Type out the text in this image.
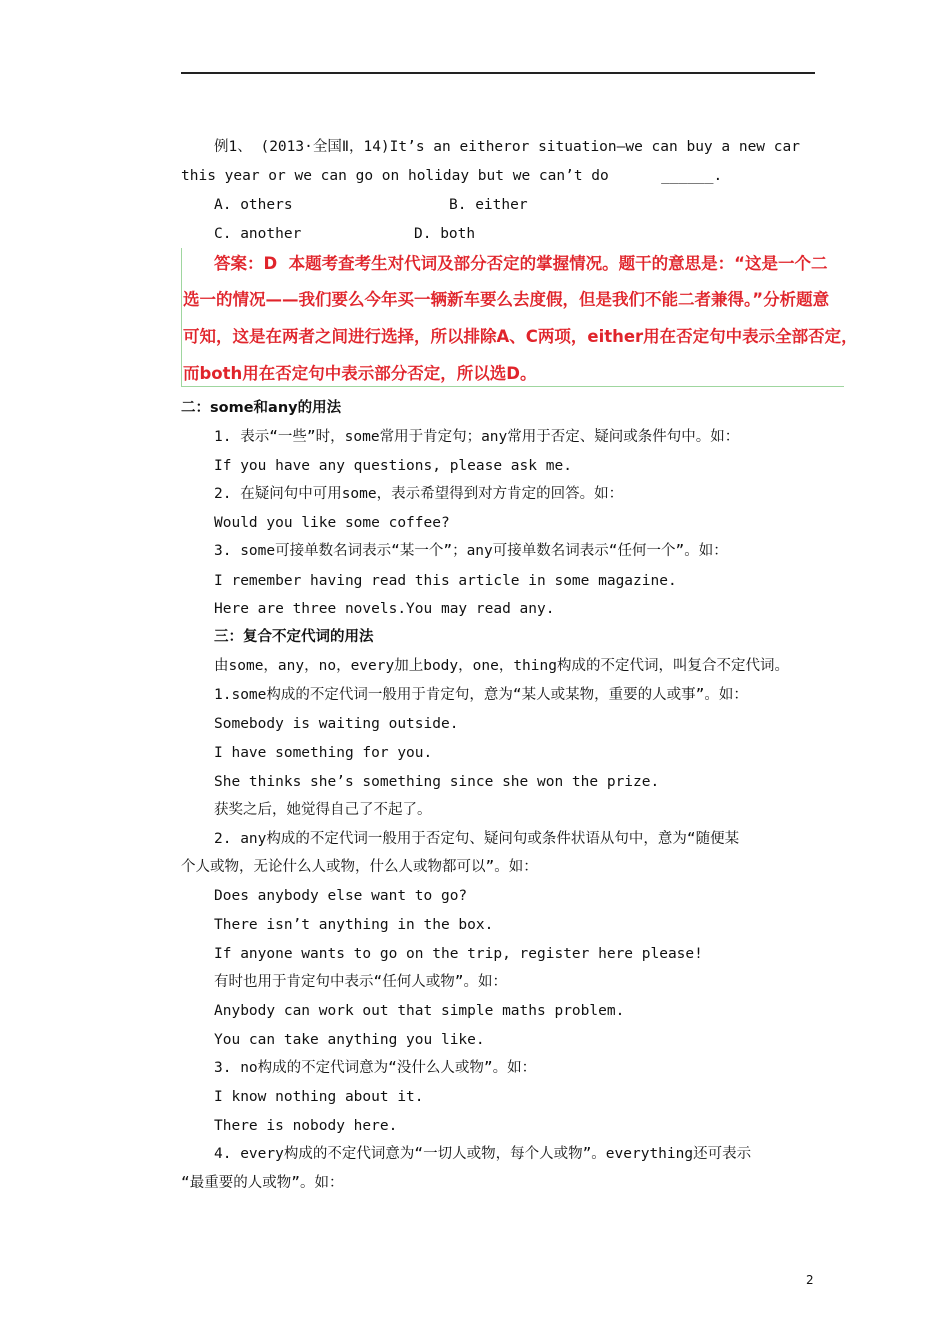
例1、 (2013·全国Ⅱ，14)It’s an eitheror situation—we can buy a new car
this year or we can go on holiday but we can’t do      ______.
A. others	B. either
C. another	D. both
答案：D  本题考查考生对代词及部分否定的掌握情况。题干的意思是：“这是一个二
选一的情况——我们要么今年买一辆新车要么去度假，但是我们不能二者兼得。”分析题意
可知，这是在两者之间进行选择，所以排除A、C两项，either用在否定句中表示全部否定，
而both用在否定句中表示部分否定，所以选D。
二：some和any的用法
1. 表示“一些”时，some常用于肯定句；any常用于否定、疑问或条件句中。如：
If you have any questions, please ask me.
2. 在疑问句中可用some，表示希望得到对方肯定的回答。如：
Would you like some coffee?
3. some可接单数名词表示“某一个”；any可接单数名词表示“任何一个”。如：
I remember having read this article in some magazine.
Here are three novels.You may read any.
三：复合不定代词的用法
由some，any，no，every加上body，one，thing构成的不定代词，叫复合不定代词。
1.some构成的不定代词一般用于肯定句，意为“某人或某物，重要的人或事”。如：
Somebody is waiting outside.
I have something for you.
She thinks she’s something since she won the prize.
获奖之后，她觉得自己了不起了。
2. any构成的不定代词一般用于否定句、疑问句或条件状语从句中，意为“随便某
个人或物，无论什么人或物，什么人或物都可以”。如：
Does anybody else want to go?
There isn’t anything in the box.
If anyone wants to go on the trip, register here please!
有时也用于肯定句中表示“任何人或物”。如：
Anybody can work out that simple maths problem.
You can take anything you like.
3. no构成的不定代词意为“没什么人或物”。如：
I know nothing about it.
There is nobody here.
4. every构成的不定代词意为“一切人或物，每个人或物”。everything还可表示
“最重要的人或物”。如：
2
